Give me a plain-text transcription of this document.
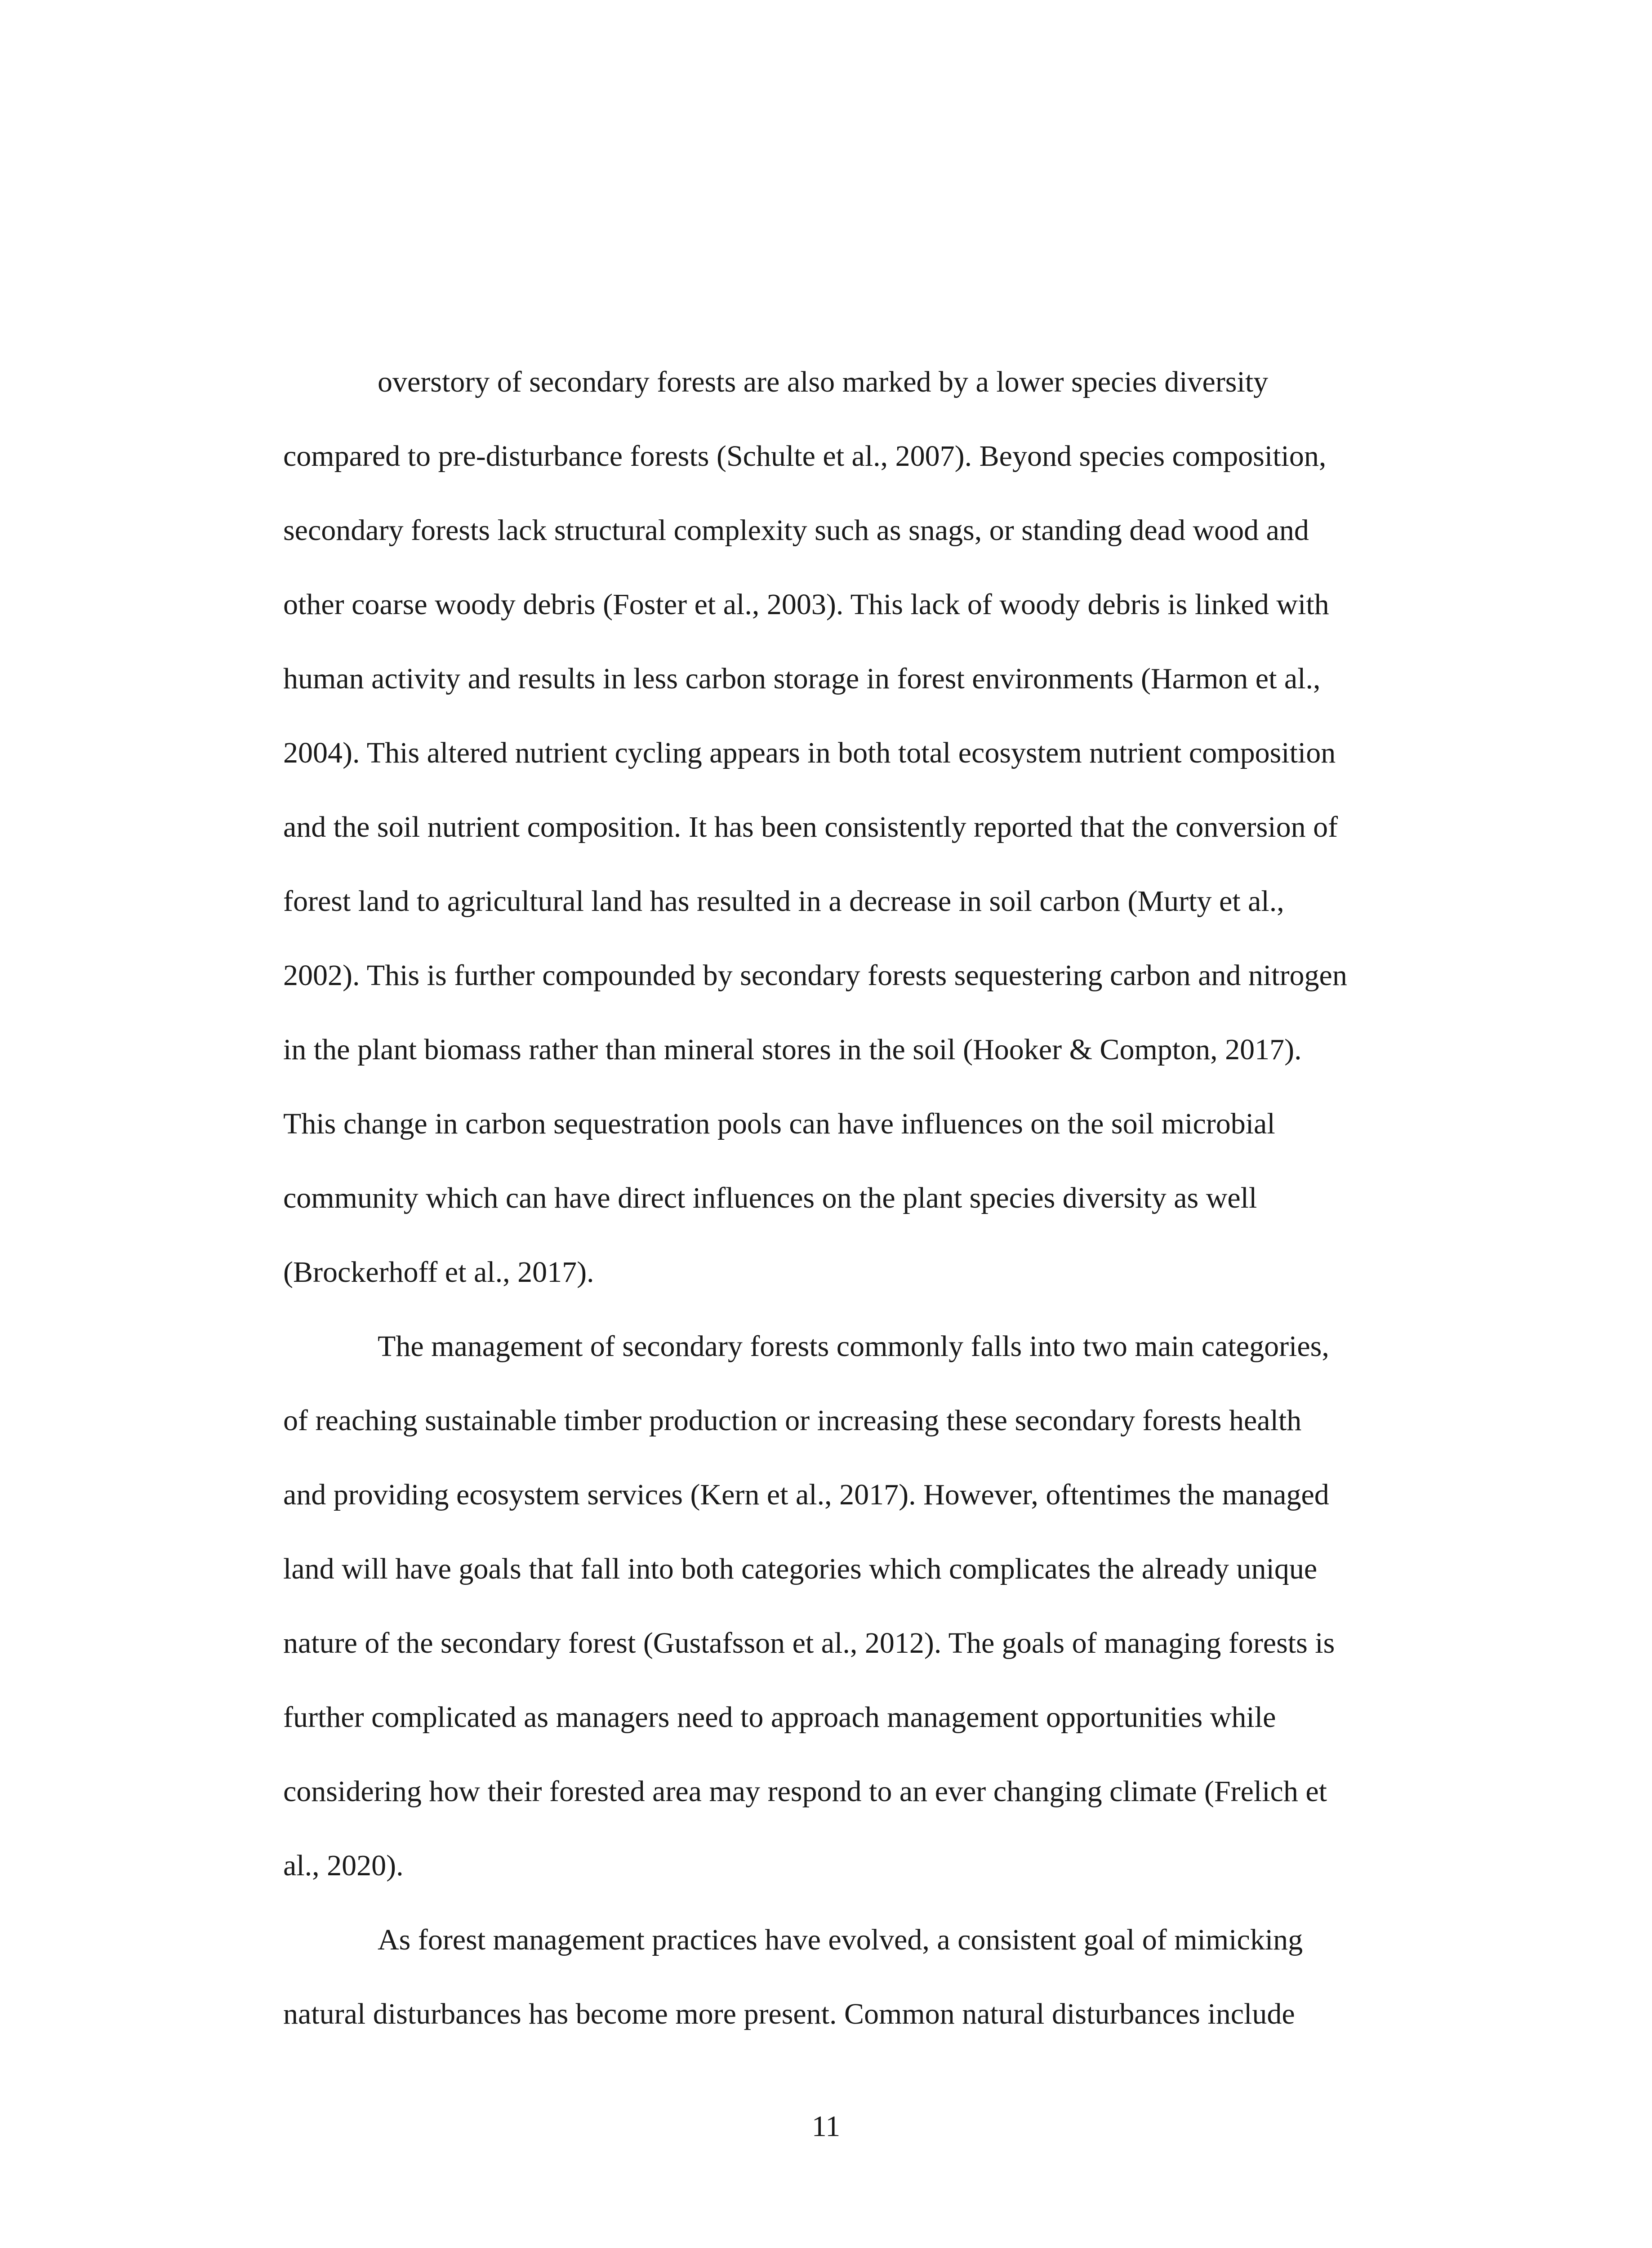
overstory of secondary forests are also marked by a lower species diversity
compared to pre-disturbance forests (Schulte et al., 2007). Beyond species composition,
secondary forests lack structural complexity such as snags, or standing dead wood and
other coarse woody debris (Foster et al., 2003). This lack of woody debris is linked with
human activity and results in less carbon storage in forest environments (Harmon et al.,
2004). This altered nutrient cycling appears in both total ecosystem nutrient composition
and the soil nutrient composition. It has been consistently reported that the conversion of
forest land to agricultural land has resulted in a decrease in soil carbon (Murty et al.,
2002). This is further compounded by secondary forests sequestering carbon and nitrogen
in the plant biomass rather than mineral stores in the soil (Hooker & Compton, 2017).
This change in carbon sequestration pools can have influences on the soil microbial
community which can have direct influences on the plant species diversity as well
(Brockerhoff et al., 2017).
The management of secondary forests commonly falls into two main categories,
of reaching sustainable timber production or increasing these secondary forests health
and providing ecosystem services (Kern et al., 2017). However, oftentimes the managed
land will have goals that fall into both categories which complicates the already unique
nature of the secondary forest (Gustafsson et al., 2012). The goals of managing forests is
further complicated as managers need to approach management opportunities while
considering how their forested area may respond to an ever changing climate (Frelich et
al., 2020).
As forest management practices have evolved, a consistent goal of mimicking
natural disturbances has become more present. Common natural disturbances include
11
